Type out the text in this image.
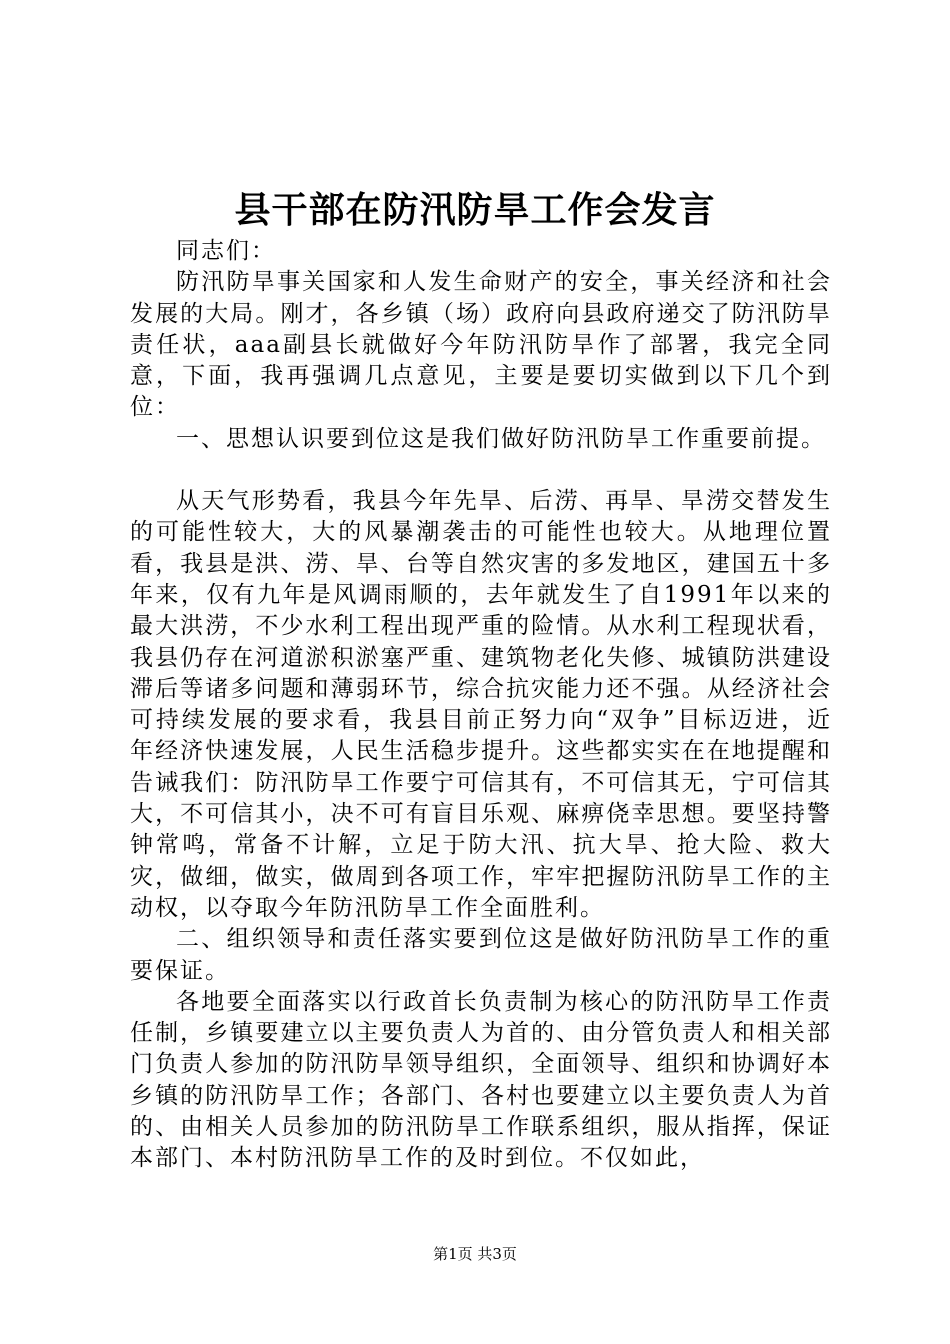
县干部在防汛防旱工作会发言

同志们：

防汛防旱事关国家和人发生命财产的安全，事关经济和社会发展的大局。刚才，各乡镇（场）政府向县政府递交了防汛防旱责任状，aaa副县长就做好今年防汛防旱作了部署，我完全同意，下面，我再强调几点意见，主要是要切实做到以下几个到位：

一、思想认识要到位这是我们做好防汛防旱工作重要前提。

从天气形势看，我县今年先旱、后涝、再旱、旱涝交替发生的可能性较大，大的风暴潮袭击的可能性也较大。从地理位置看，我县是洪、涝、旱、台等自然灾害的多发地区，建国五十多年来，仅有九年是风调雨顺的，去年就发生了自1991年以来的最大洪涝，不少水利工程出现严重的险情。从水利工程现状看，我县仍存在河道淤积淤塞严重、建筑物老化失修、城镇防洪建设滞后等诸多问题和薄弱环节，综合抗灾能力还不强。从经济社会可持续发展的要求看，我县目前正努力向“双争”目标迈进，近年经济快速发展，人民生活稳步提升。这些都实实在在地提醒和告诫我们：防汛防旱工作要宁可信其有，不可信其无，宁可信其大，不可信其小，决不可有盲目乐观、麻痹侥幸思想。要坚持警钟常鸣，常备不计解，立足于防大汛、抗大旱、抢大险、救大灾，做细，做实，做周到各项工作，牢牢把握防汛防旱工作的主动权，以夺取今年防汛防旱工作全面胜利。

二、组织领导和责任落实要到位这是做好防汛防旱工作的重要保证。

各地要全面落实以行政首长负责制为核心的防汛防旱工作责任制，乡镇要建立以主要负责人为首的、由分管负责人和相关部门负责人参加的防汛防旱领导组织，全面领导、组织和协调好本乡镇的防汛防旱工作；各部门、各村也要建立以主要负责人为首的、由相关人员参加的防汛防旱工作联系组织，服从指挥，保证本部门、本村防汛防旱工作的及时到位。不仅如此，

第1页 共3页
